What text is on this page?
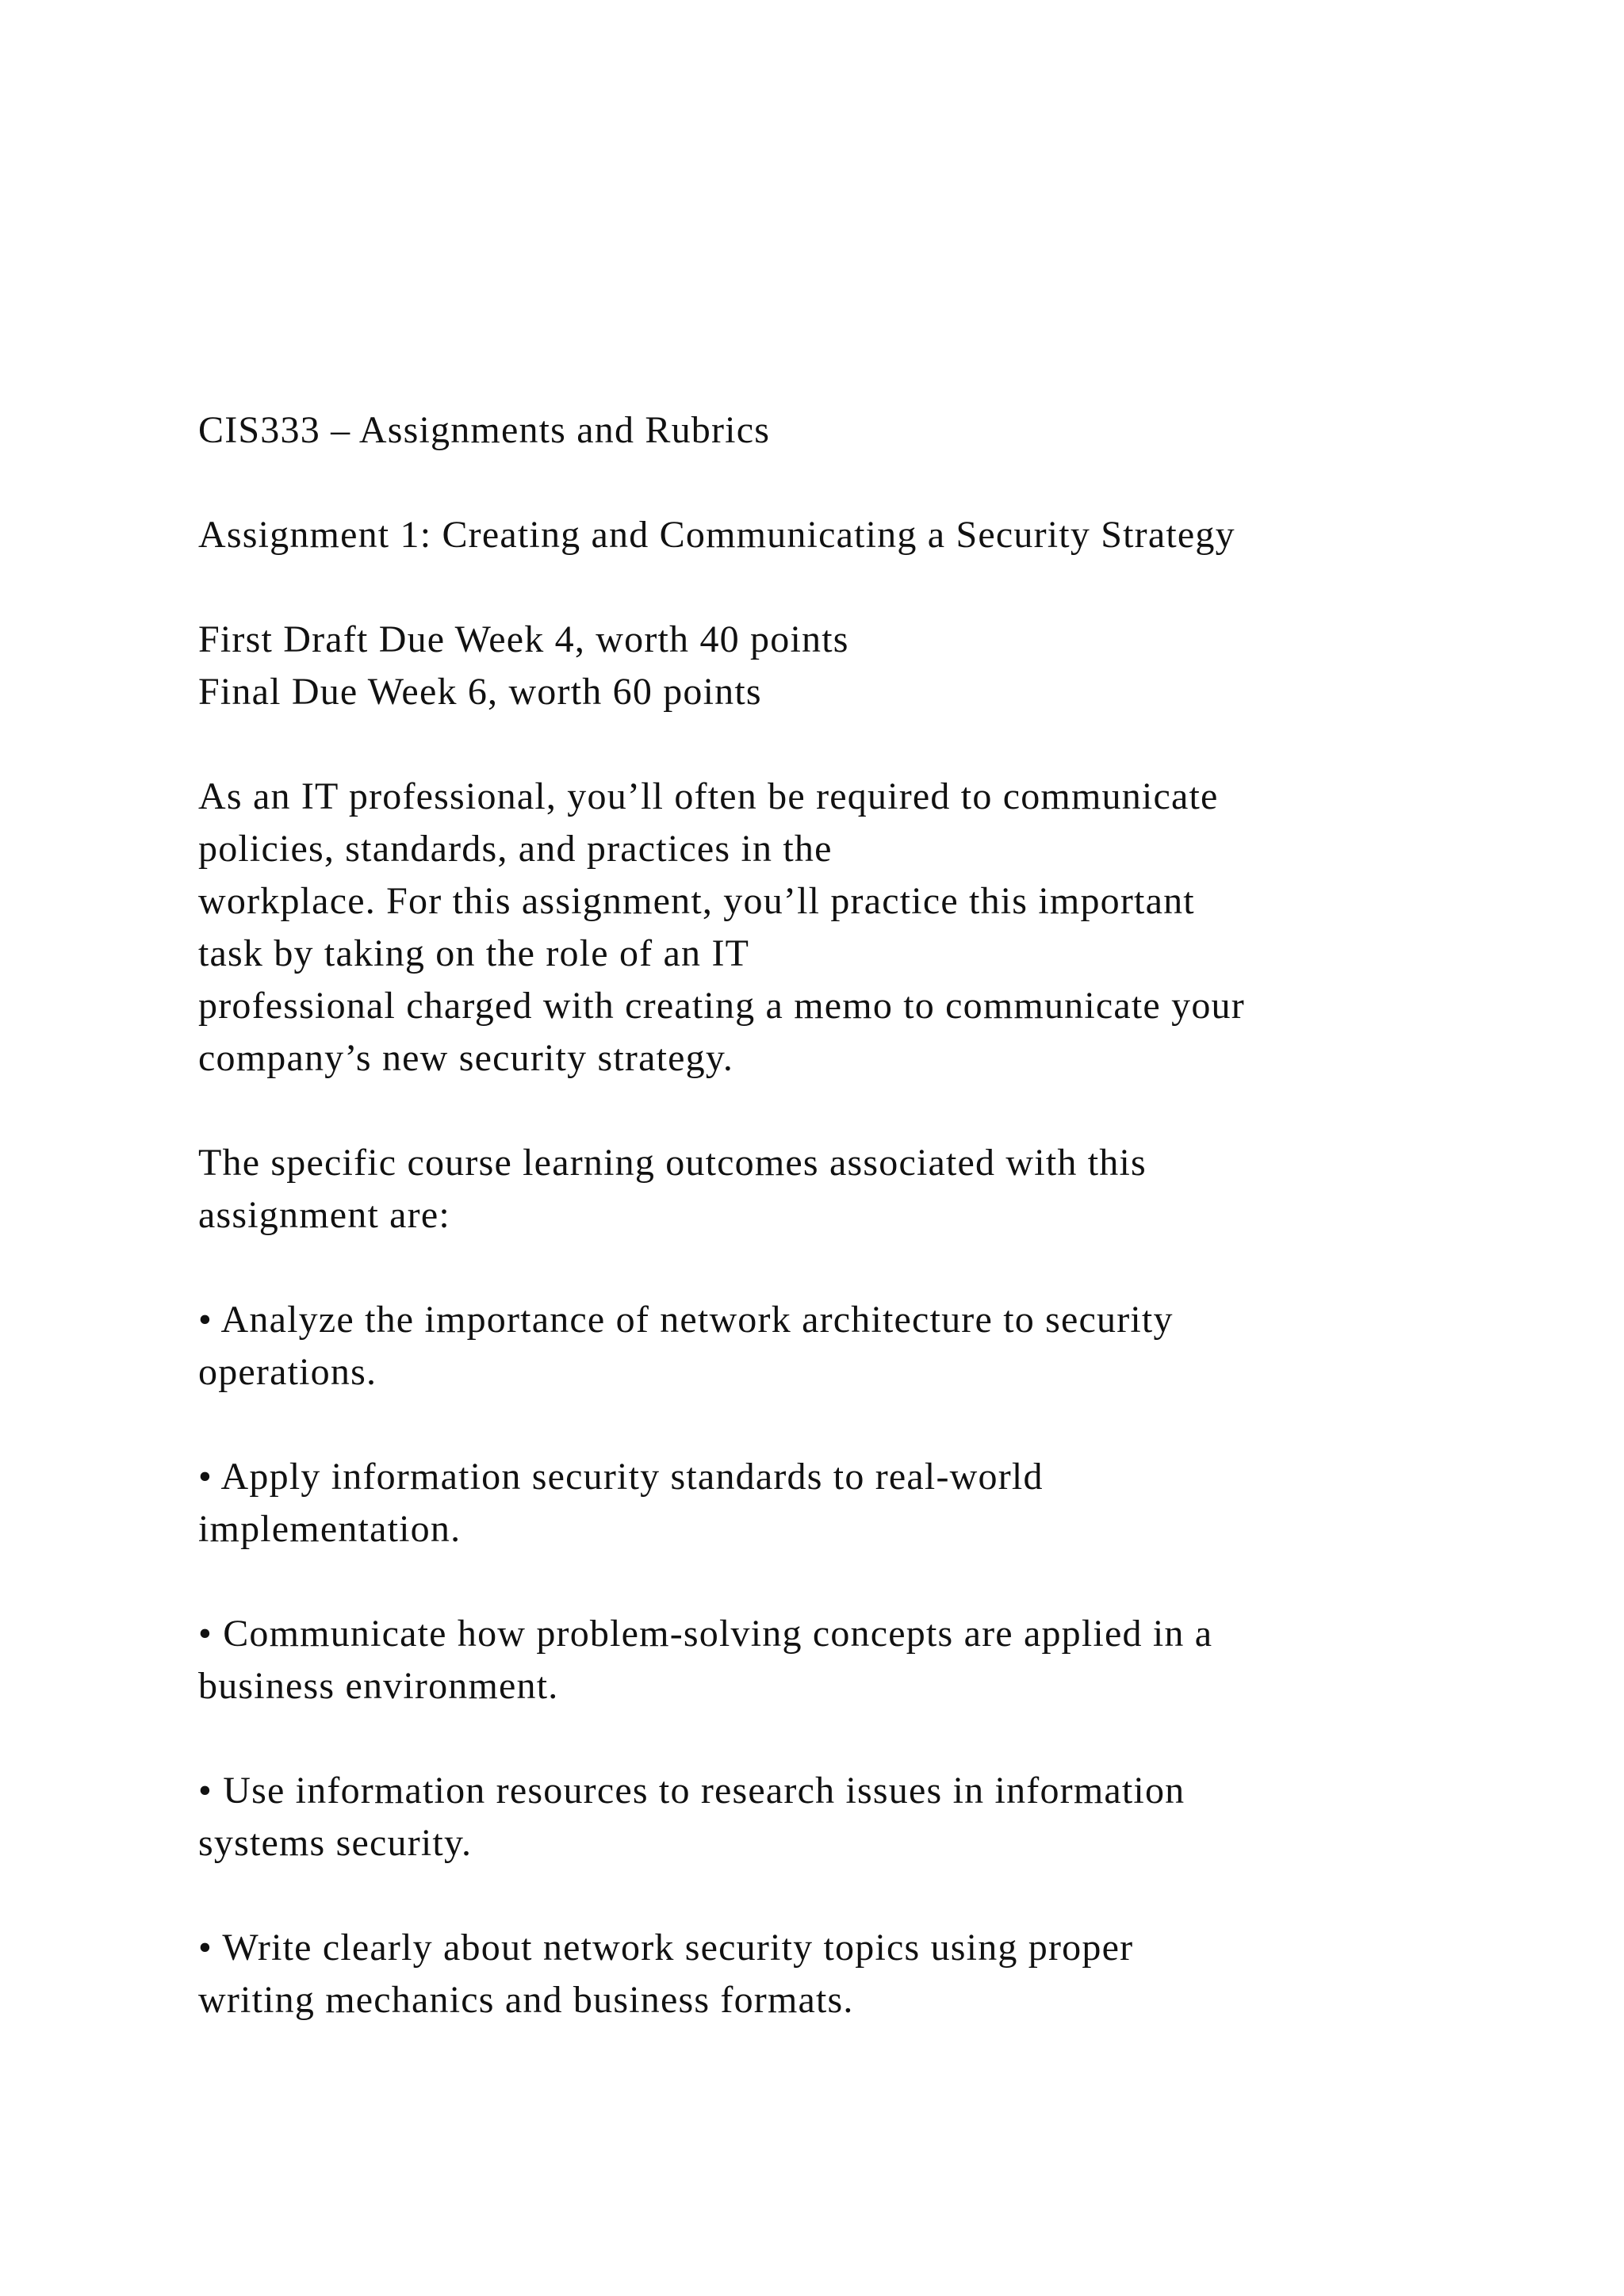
CIS333 – Assignments and Rubrics
Assignment 1: Creating and Communicating a Security Strategy
First Draft Due Week 4, worth 40 points
Final Due Week 6, worth 60 points
As an IT professional, you’ll often be required to communicate
policies, standards, and practices in the
workplace. For this assignment, you’ll practice this important
task by taking on the role of an IT
professional charged with creating a memo to communicate your
company’s new security strategy.
The specific course learning outcomes associated with this
assignment are:
• Analyze the importance of network architecture to security
operations.
• Apply information security standards to real-world
implementation.
• Communicate how problem-solving concepts are applied in a
business environment.
• Use information resources to research issues in information
systems security.
• Write clearly about network security topics using proper
writing mechanics and business formats.
